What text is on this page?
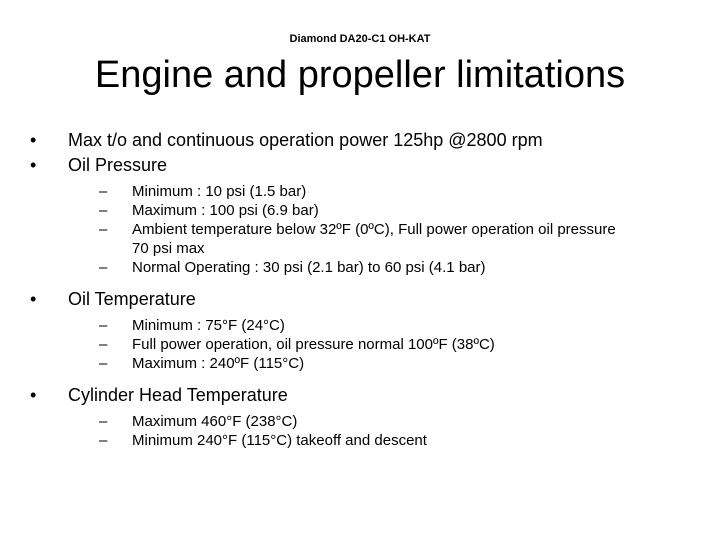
Diamond DA20-C1 OH-KAT
Engine and propeller limitations
•	Max t/o and continuous operation power 125hp @2800 rpm
•	Oil Pressure
–	Minimum : 10 psi (1.5 bar)
–	Maximum : 100 psi (6.9 bar)
–	Ambient temperature below 32ºF (0ºC), Full power operation oil pressure 70 psi max
–	Normal Operating : 30 psi (2.1 bar) to 60 psi (4.1 bar)
•	Oil Temperature
–	Minimum : 75°F (24°C)
–	Full power operation, oil pressure normal 100ºF (38ºC)
–	Maximum : 240ºF (115°C)
•	Cylinder Head Temperature
–	Maximum 460°F (238°C)
–	Minimum 240°F (115°C) takeoff and descent
